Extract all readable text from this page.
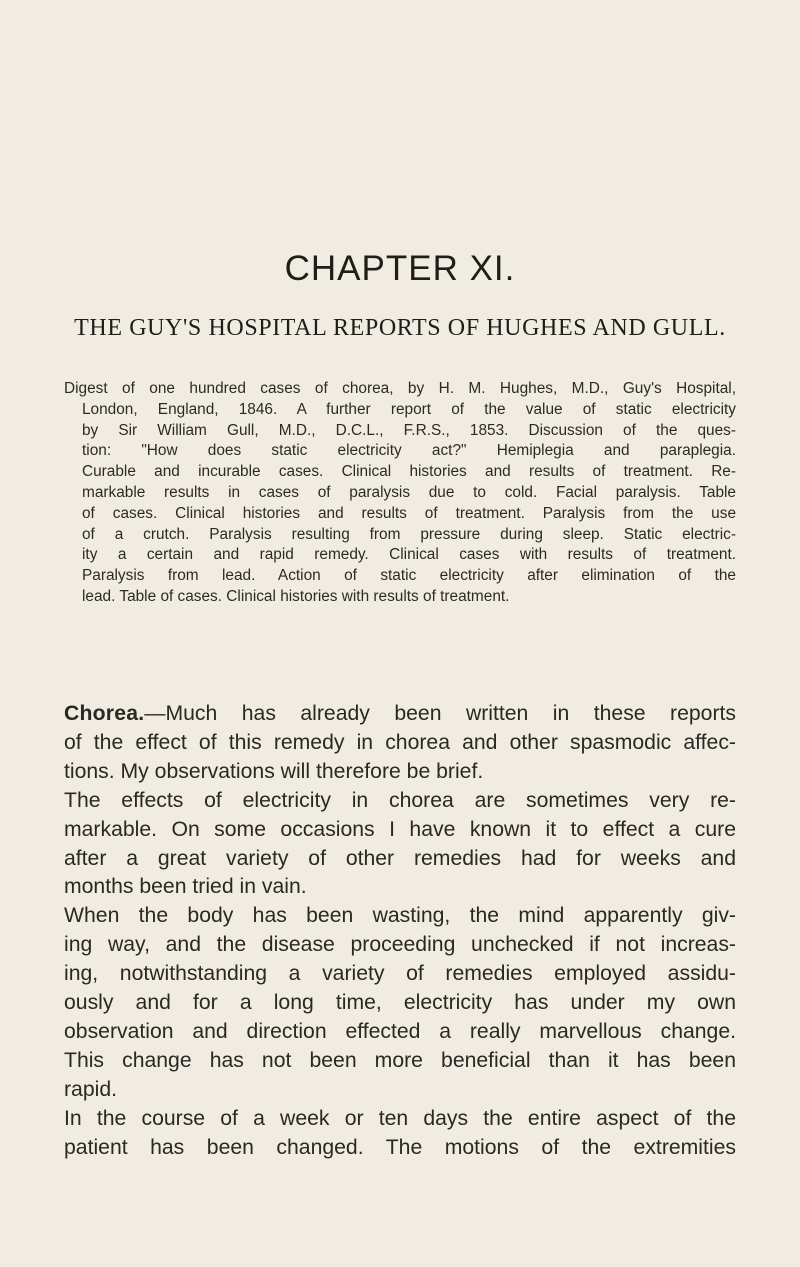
CHAPTER XI.
THE GUY'S HOSPITAL REPORTS OF HUGHES AND GULL.
Digest of one hundred cases of chorea, by H. M. Hughes, M.D., Guy's Hospital,
London, England, 1846. A further report of the value of static electricity
by Sir William Gull, M.D., D.C.L., F.R.S., 1853. Discussion of the ques-
tion: "How does static electricity act?" Hemiplegia and paraplegia.
Curable and incurable cases. Clinical histories and results of treatment. Re-
markable results in cases of paralysis due to cold. Facial paralysis. Table
of cases. Clinical histories and results of treatment. Paralysis from the use
of a crutch. Paralysis resulting from pressure during sleep. Static electric-
ity a certain and rapid remedy. Clinical cases with results of treatment.
Paralysis from lead. Action of static electricity after elimination of the
lead. Table of cases. Clinical histories with results of treatment.
Chorea.—Much has already been written in these reports
of the effect of this remedy in chorea and other spasmodic affec-
tions. My observations will therefore be brief.
The effects of electricity in chorea are sometimes very re-
markable. On some occasions I have known it to effect a cure
after a great variety of other remedies had for weeks and
months been tried in vain.
When the body has been wasting, the mind apparently giv-
ing way, and the disease proceeding unchecked if not increas-
ing, notwithstanding a variety of remedies employed assidu-
ously and for a long time, electricity has under my own
observation and direction effected a really marvellous change.
This change has not been more beneficial than it has been
rapid.
In the course of a week or ten days the entire aspect of the
patient has been changed. The motions of the extremities
